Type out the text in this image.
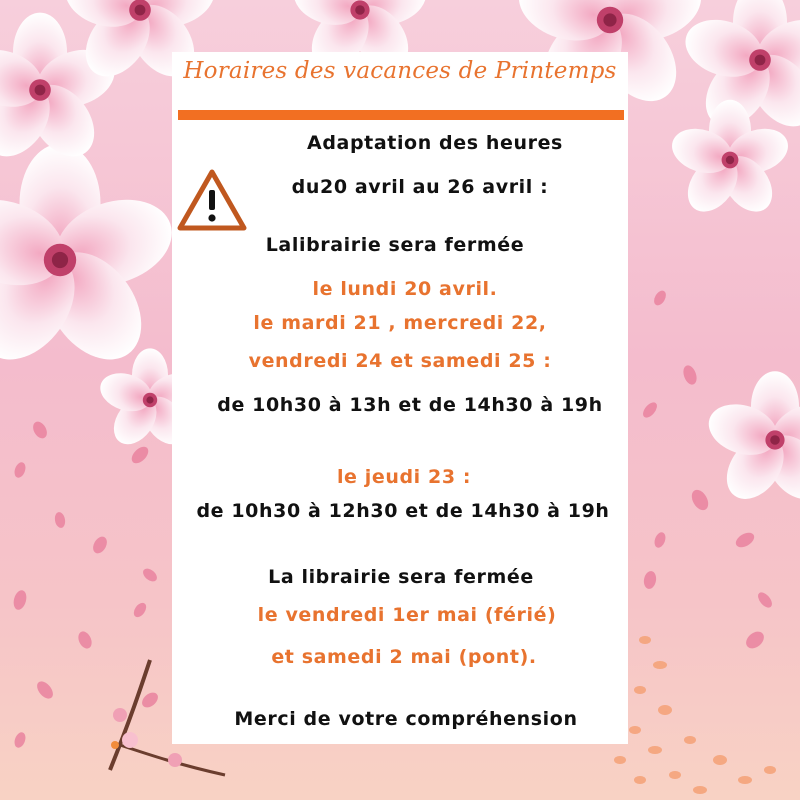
Horaires des vacances de Printemps
Adaptation des heures
du20 avril au 26 avril :
Lalibrairie sera fermée
le lundi 20 avril.
le mardi 21 , mercredi 22,
vendredi 24 et samedi 25 :
de 10h30 à 13h et de 14h30 à 19h
le jeudi 23 :
de 10h30 à 12h30 et de 14h30 à 19h
La librairie sera fermée
le vendredi 1er mai (férié)
et samedi 2 mai (pont).
Merci de votre compréhension
